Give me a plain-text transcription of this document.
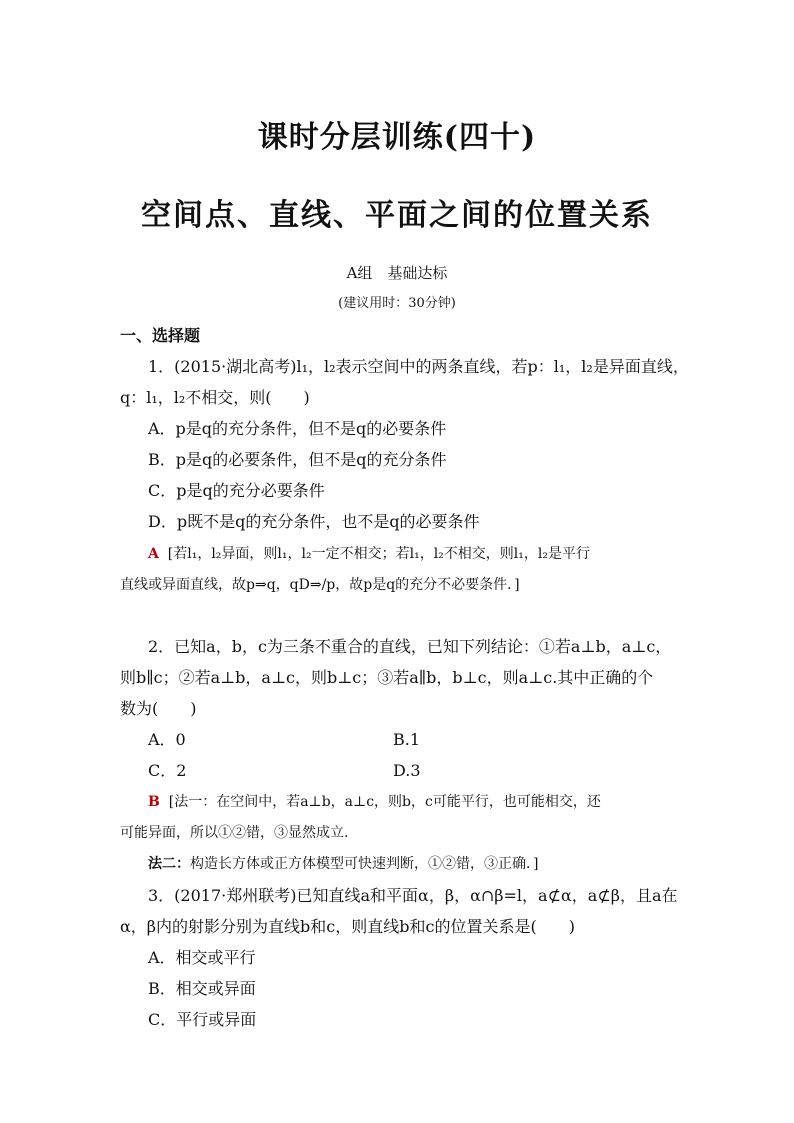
课时分层训练(四十)
空间点、直线、平面之间的位置关系
A组　基础达标
(建议用时：30分钟)
一、选择题
1．(2015·湖北高考)l₁，l₂表示空间中的两条直线，若p：l₁，l₂是异面直线，
q：l₁，l₂不相交，则(　　)
A．p是q的充分条件，但不是q的必要条件
B．p是q的必要条件，但不是q的充分条件
C．p是q的充分必要条件
D．p既不是q的充分条件，也不是q的必要条件
A [若l₁，l₂异面，则l₁，l₂一定不相交；若l₁，l₂不相交，则l₁，l₂是平行
直线或异面直线，故p⇒q，qD⇒/p，故p是q的充分不必要条件．]
2．已知a，b，c为三条不重合的直线，已知下列结论：①若a⊥b，a⊥c，
则b∥c；②若a⊥b，a⊥c，则b⊥c；③若a∥b，b⊥c，则a⊥c.其中正确的个
数为(　　)
A．0	B.1
C．2	D.3
B [法一：在空间中，若a⊥b，a⊥c，则b，c可能平行，也可能相交，还
可能异面，所以①②错，③显然成立.
法二：构造长方体或正方体模型可快速判断，①②错，③正确．]
3．(2017·郑州联考)已知直线a和平面α，β，α∩β=l，a⊄α，a⊄β，且a在
α，β内的射影分别为直线b和c，则直线b和c的位置关系是(　　)
A．相交或平行
B．相交或异面
C．平行或异面
